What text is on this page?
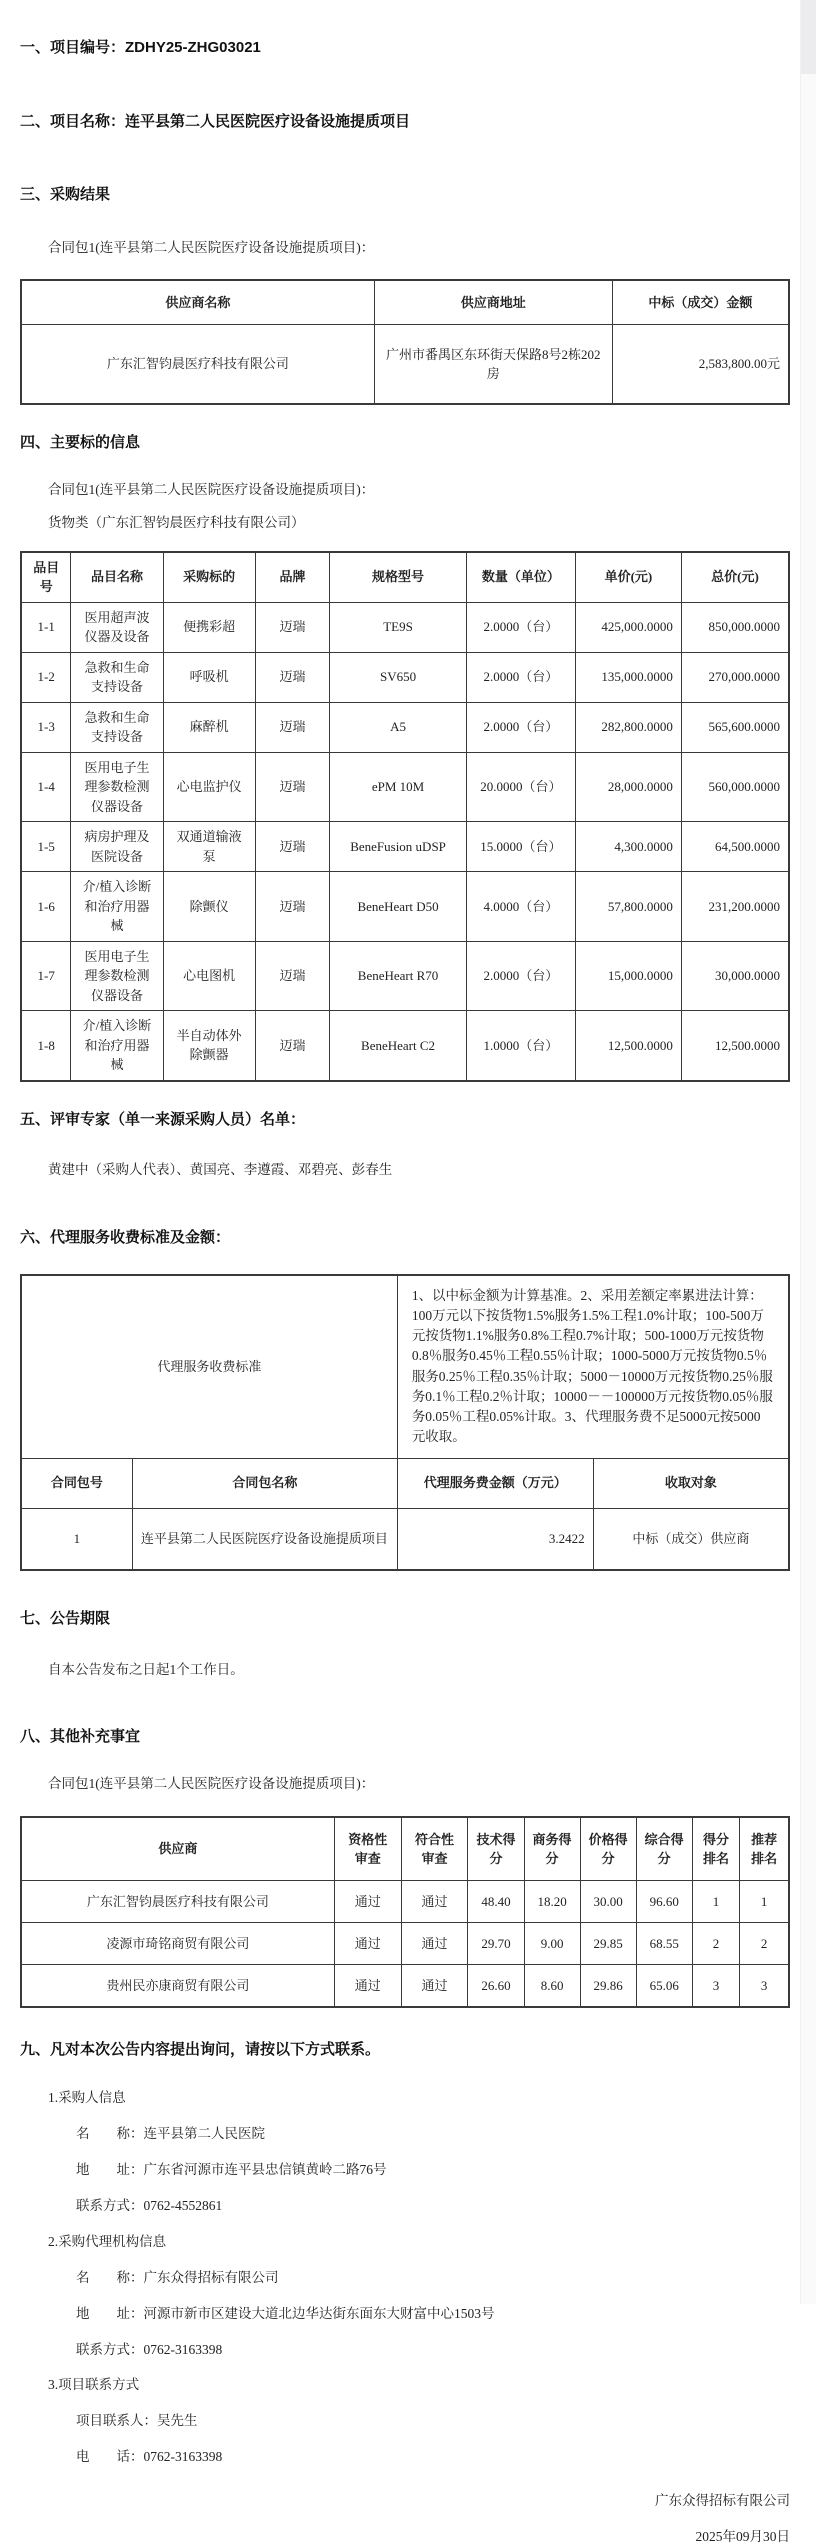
一、项目编号：ZDHY25-ZHG03021
二、项目名称：连平县第二人民医院医疗设备设施提质项目
三、采购结果

合同包1(连平县第二人民医院医疗设备设施提质项目)：

供应商名称	供应商地址	中标（成交）金额
广东汇智钧晨医疗科技有限公司	广州市番禺区东环街天保路8号2栋202房	2,583,800.00元
四、主要标的信息

合同包1(连平县第二人民医院医疗设备设施提质项目)：

货物类（广东汇智钧晨医疗科技有限公司）

品目号	品目名称	采购标的	品牌	规格型号	数量（单位）	单价(元)	总价(元)
1-1	医用超声波仪器及设备	便携彩超	迈瑞	TE9S	2.0000（台）	425,000.0000	850,000.0000
1-2	急救和生命支持设备	呼吸机	迈瑞	SV650	2.0000（台）	135,000.0000	270,000.0000
1-3	急救和生命支持设备	麻醉机	迈瑞	A5	2.0000（台）	282,800.0000	565,600.0000
1-4	医用电子生理参数检测仪器设备	心电监护仪	迈瑞	ePM 10M	20.0000（台）	28,000.0000	560,000.0000
1-5	病房护理及医院设备	双通道输液泵	迈瑞	BeneFusion uDSP	15.0000（台）	4,300.0000	64,500.0000
1-6	介/植入诊断和治疗用器械	除颤仪	迈瑞	BeneHeart D50	4.0000（台）	57,800.0000	231,200.0000
1-7	医用电子生理参数检测仪器设备	心电图机	迈瑞	BeneHeart R70	2.0000（台）	15,000.0000	30,000.0000
1-8	介/植入诊断和治疗用器械	半自动体外除颤器	迈瑞	BeneHeart C2	1.0000（台）	12,500.0000	12,500.0000
五、评审专家（单一来源采购人员）名单：

黄建中（采购人代表）、黄国亮、李遵霞、邓碧亮、彭春生

六、代理服务收费标准及金额：
代理服务收费标准		1、以中标金额为计算基准。2、采用差额定率累进法计算：100万元以下按货物1.5%服务1.5%工程1.0%计取；100-500万元按货物1.1%服务0.8%工程0.7%计取；500-1000万元按货物0.8％服务0.45％工程0.55％计取；1000-5000万元按货物0.5％服务0.25％工程0.35％计取；5000－10000万元按货物0.25％服务0.1％工程0.2％计取；10000－－100000万元按货物0.05％服务0.05％工程0.05%计取。3、代理服务费不足5000元按5000元收取。	
合同包号	合同包名称	代理服务费金额（万元）	收取对象
1	连平县第二人民医院医疗设备设施提质项目	3.2422	中标（成交）供应商
七、公告期限

自本公告发布之日起1个工作日。

八、其他补充事宜

合同包1(连平县第二人民医院医疗设备设施提质项目)：

供应商	资格性审查	符合性审查	技术得分	商务得分	价格得分	综合得分	得分排名	推荐排名
广东汇智钧晨医疗科技有限公司	通过	通过	48.40	18.20	30.00	96.60	1	1
凌源市琦铭商贸有限公司	通过	通过	29.70	9.00	29.85	68.55	2	2
贵州民亦康商贸有限公司	通过	通过	26.60	8.60	29.86	65.06	3	3
九、凡对本次公告内容提出询问，请按以下方式联系。

1.采购人信息

名　　称：连平县第二人民医院

地　　址：广东省河源市连平县忠信镇黄岭二路76号

联系方式：0762-4552861

2.采购代理机构信息

名　　称：广东众得招标有限公司

地　　址：河源市新市区建设大道北边华达街东面东大财富中心1503号

联系方式：0762-3163398

3.项目联系方式

项目联系人：吴先生

电　　话：0762-3163398

广东众得招标有限公司

2025年09月30日
